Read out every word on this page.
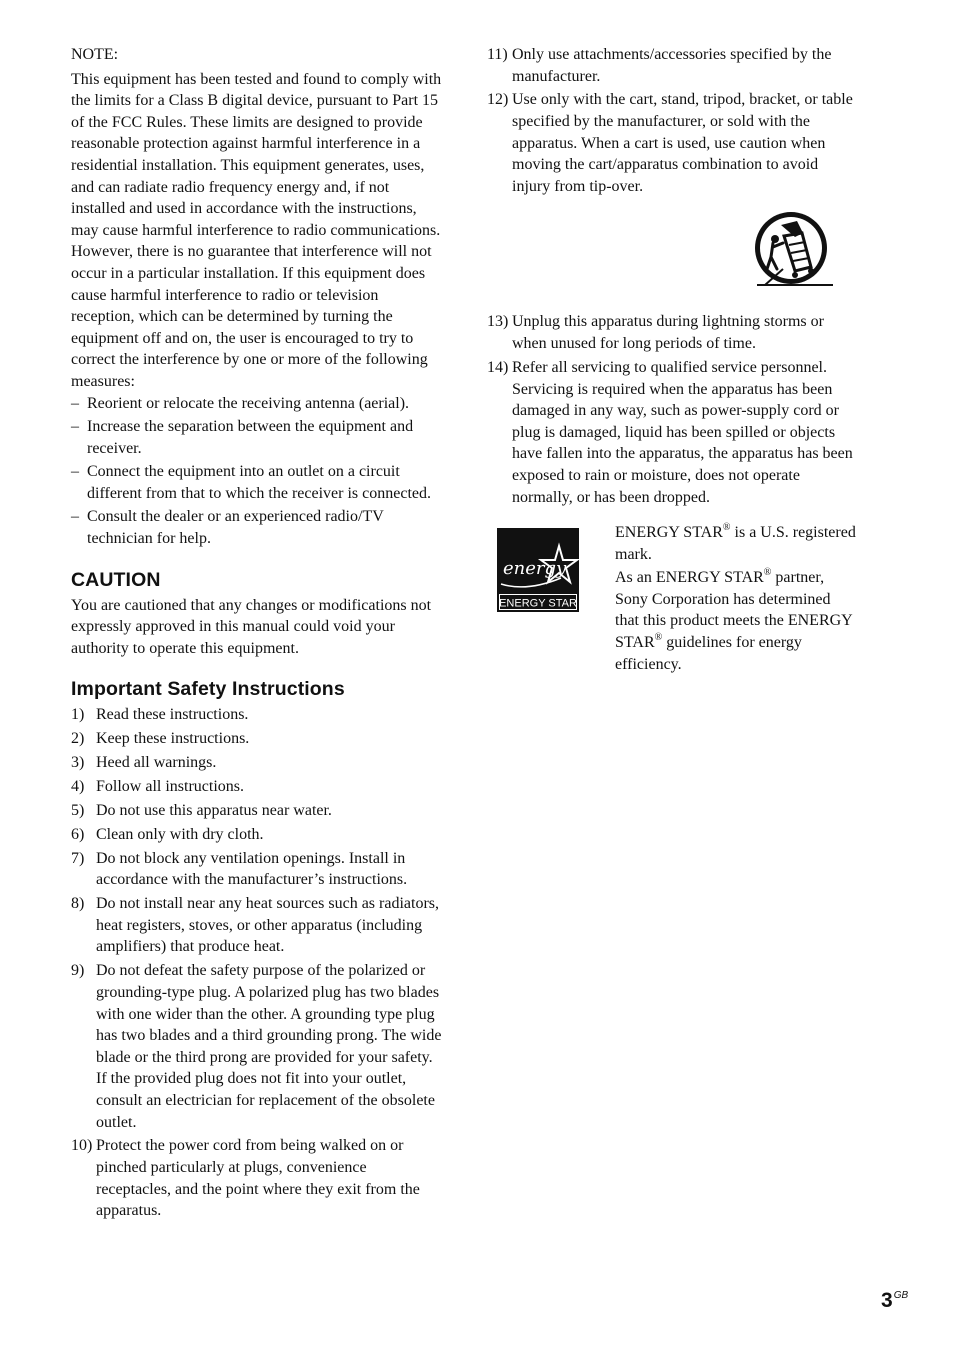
NOTE:

This equipment has been tested and found to comply with the limits for a Class B digital device, pursuant to Part 15 of the FCC Rules. These limits are designed to provide reasonable protection against harmful interference in a residential installation. This equipment generates, uses, and can radiate radio frequency energy and, if not installed and used in accordance with the instructions, may cause harmful interference to radio communications. However, there is no guarantee that interference will not occur in a particular installation. If this equipment does cause harmful interference to radio or television reception, which can be determined by turning the equipment off and on, the user is encouraged to try to correct the interference by one or more of the following measures:

– Reorient or relocate the receiving antenna (aerial).
– Increase the separation between the equipment and receiver.
– Connect the equipment into an outlet on a circuit different from that to which the receiver is connected.
– Consult the dealer or an experienced radio/TV technician for help.
CAUTION

You are cautioned that any changes or modifications not expressly approved in this manual could void your authority to operate this equipment.

Important Safety Instructions
1) Read these instructions.
2) Keep these instructions.
3) Heed all warnings.
4) Follow all instructions.
5) Do not use this apparatus near water.
6) Clean only with dry cloth.
7) Do not block any ventilation openings. Install in accordance with the manufacturer’s instructions.
8) Do not install near any heat sources such as radiators, heat registers, stoves, or other apparatus (including amplifiers) that produce heat.
9) Do not defeat the safety purpose of the polarized or grounding-type plug. A polarized plug has two blades with one wider than the other. A grounding type plug has two blades and a third grounding prong. The wide blade or the third prong are provided for your safety. If the provided plug does not fit into your outlet, consult an electrician for replacement of the obsolete outlet.
10) Protect the power cord from being walked on or pinched particularly at plugs, convenience receptacles, and the point where they exit from the apparatus.
11) Only use attachments/accessories specified by the manufacturer.
12) Use only with the cart, stand, tripod, bracket, or table specified by the manufacturer, or sold with the apparatus. When a cart is used, use caution when moving the cart/apparatus combination to avoid injury from tip-over.
13) Unplug this apparatus during lightning storms or when unused for long periods of time.
14) Refer all servicing to qualified service personnel. Servicing is required when the apparatus has been damaged in any way, such as power-supply cord or plug is damaged, liquid has been spilled or objects have fallen into the apparatus, the apparatus has been exposed to rain or moisture, does not operate normally, or has been dropped.
energy
ENERGY STAR

ENERGY STAR® is a U.S. registered mark.

As an ENERGY STAR® partner, Sony Corporation has determined that this product meets the ENERGY STAR® guidelines for energy efficiency.

$3^{GB}$
